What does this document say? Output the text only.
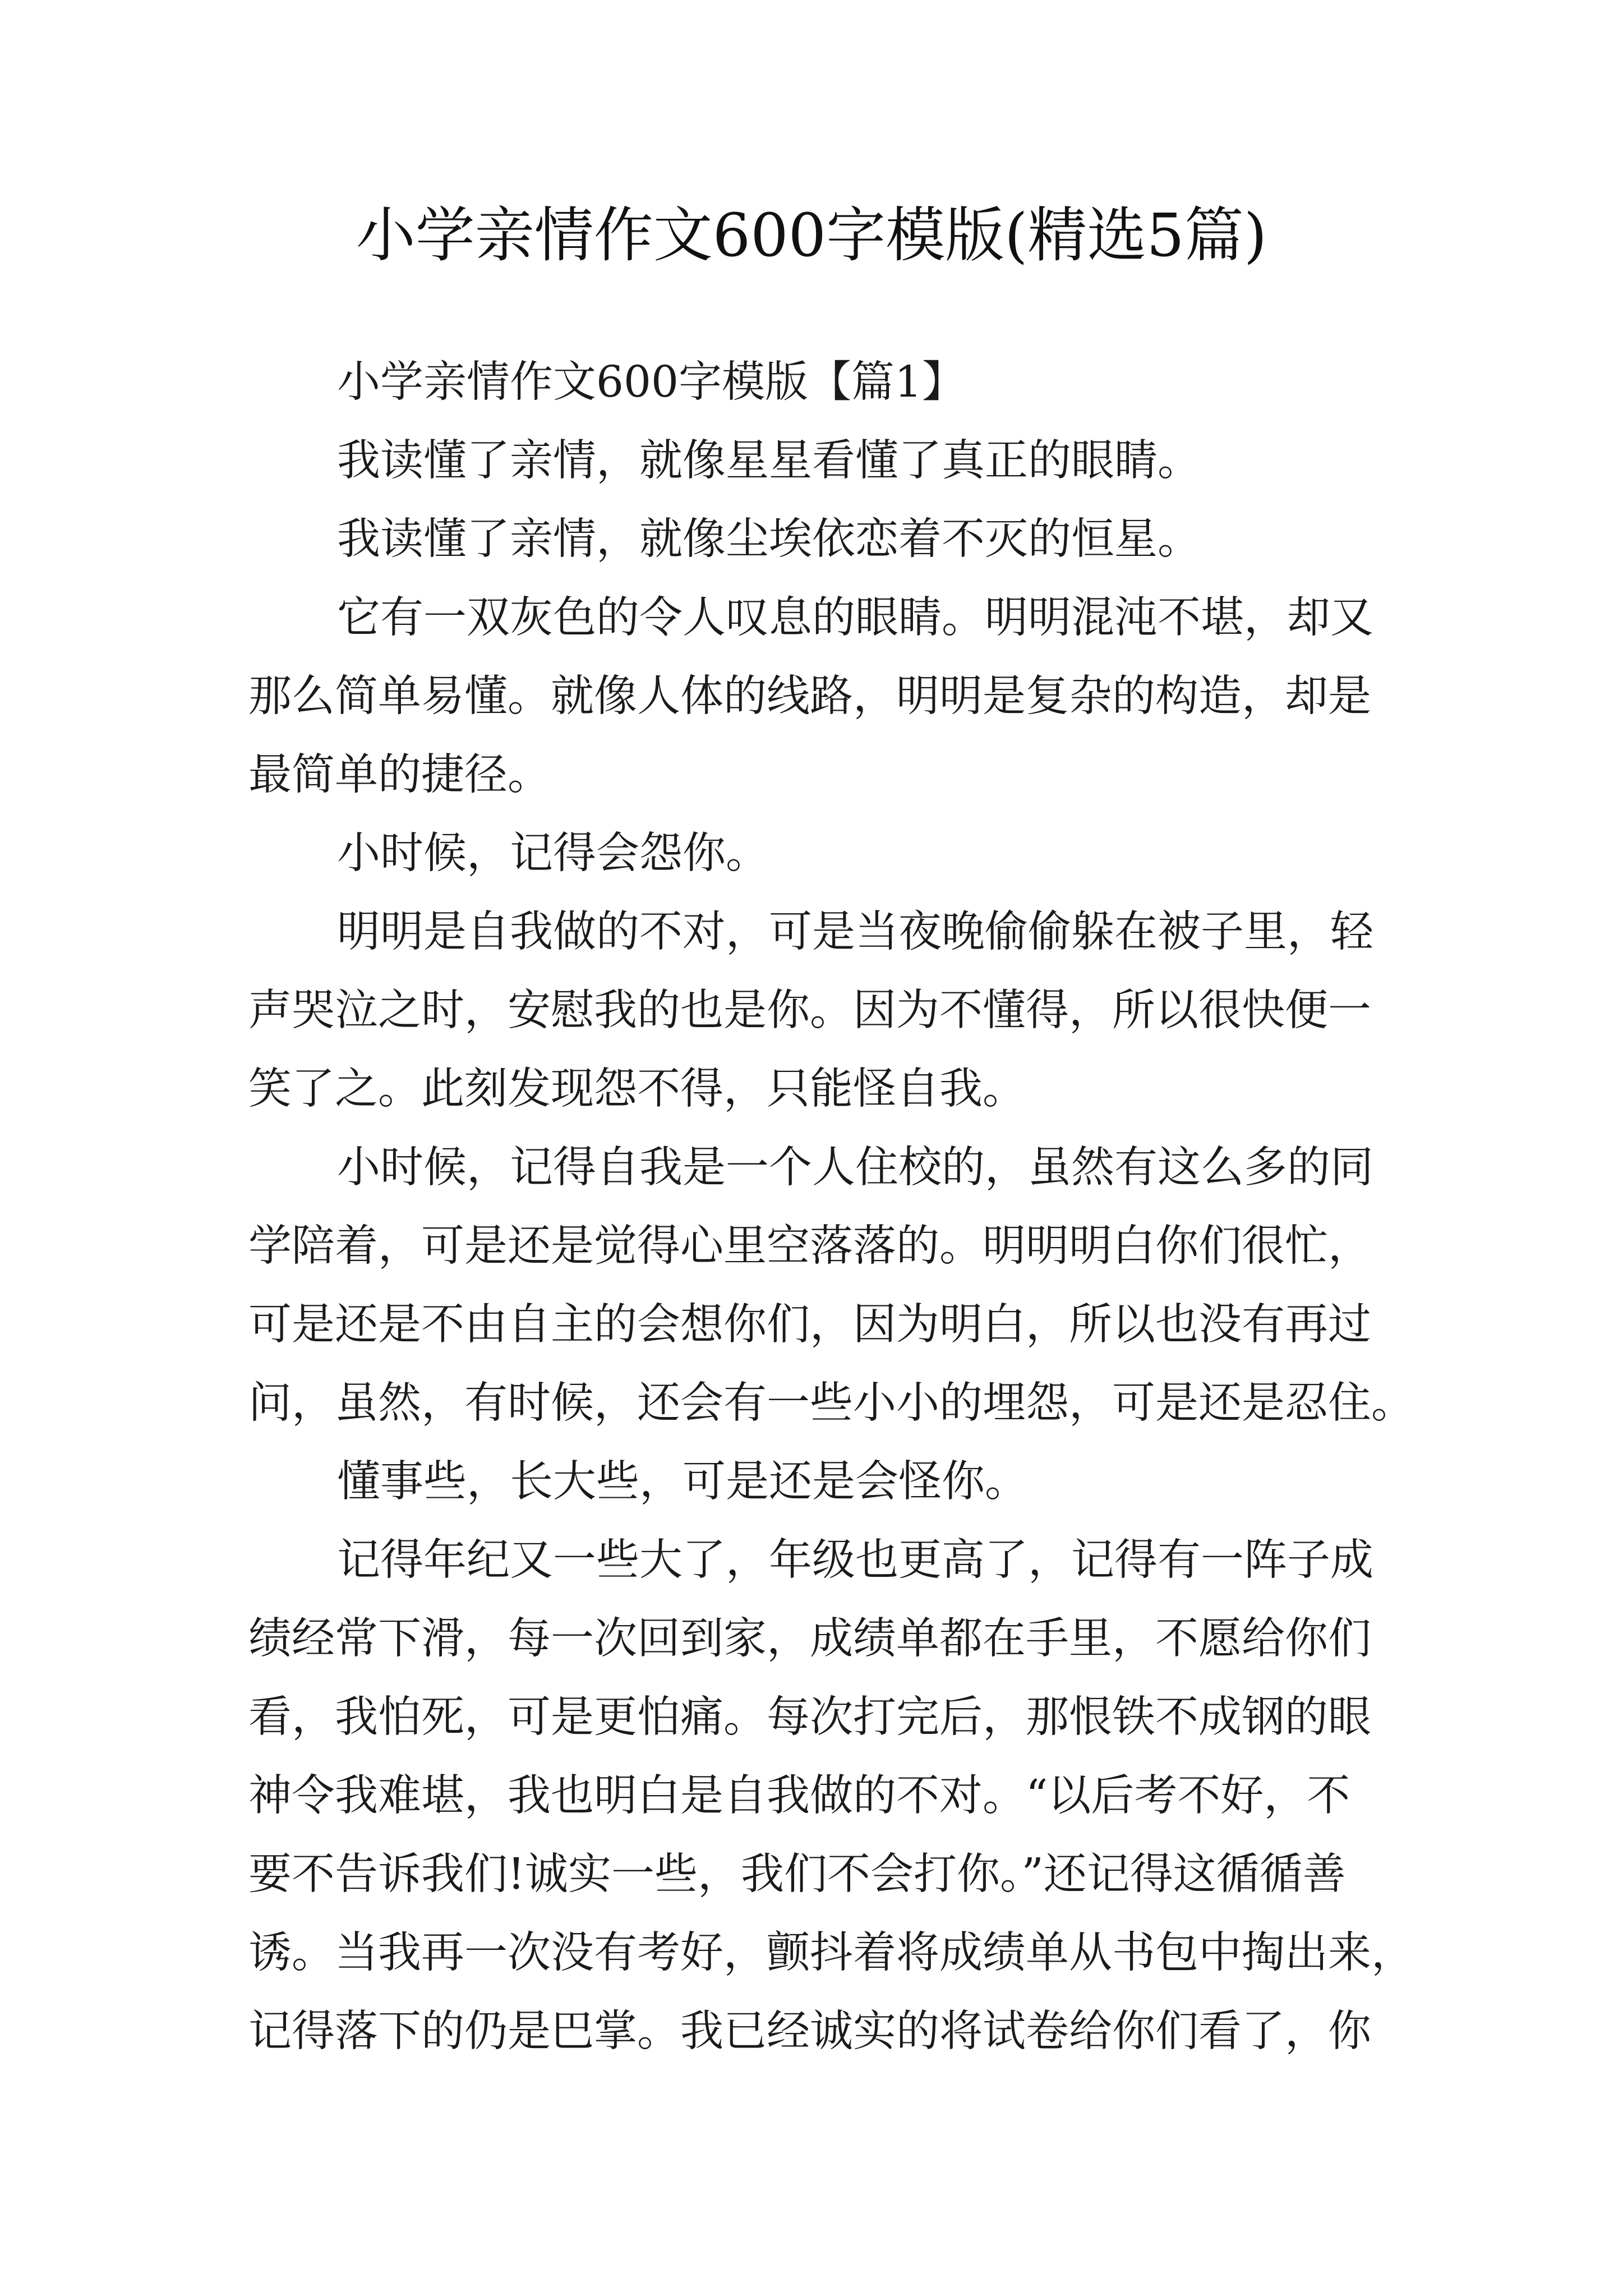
小学亲情作文600字模版(精选5篇)
小学亲情作文600字模版【篇1】
我读懂了亲情，就像星星看懂了真正的眼睛。
我读懂了亲情，就像尘埃依恋着不灭的恒星。
它有一双灰色的令人叹息的眼睛。明明混沌不堪，却又
那么简单易懂。就像人体的线路，明明是复杂的构造，却是
最简单的捷径。
小时候，记得会怨你。
明明是自我做的不对，可是当夜晚偷偷躲在被子里，轻
声哭泣之时，安慰我的也是你。因为不懂得，所以很快便一
笑了之。此刻发现怨不得，只能怪自我。
小时候，记得自我是一个人住校的，虽然有这么多的同
学陪着，可是还是觉得心里空落落的。明明明白你们很忙，
可是还是不由自主的会想你们，因为明白，所以也没有再过
问，虽然，有时候，还会有一些小小的埋怨，可是还是忍住。
懂事些，长大些，可是还是会怪你。
记得年纪又一些大了，年级也更高了，记得有一阵子成
绩经常下滑，每一次回到家，成绩单都在手里，不愿给你们
看，我怕死，可是更怕痛。每次打完后，那恨铁不成钢的眼
神令我难堪，我也明白是自我做的不对。“以后考不好，不
要不告诉我们!诚实一些，我们不会打你。”还记得这循循善
诱。当我再一次没有考好，颤抖着将成绩单从书包中掏出来，
记得落下的仍是巴掌。我已经诚实的将试卷给你们看了，你
